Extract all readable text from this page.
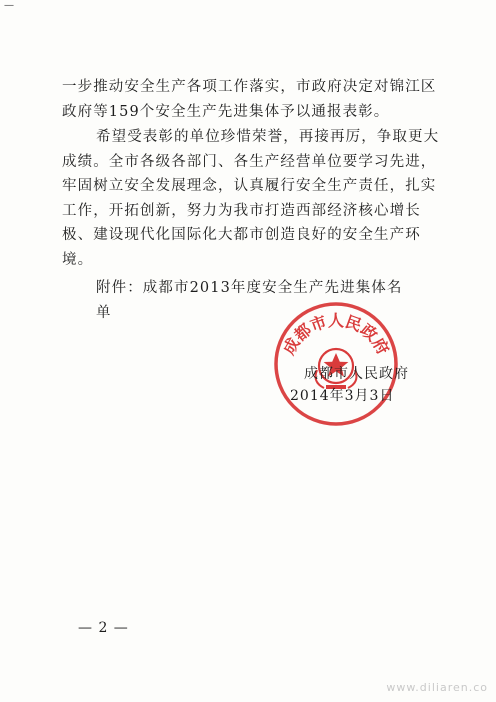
—
一步推动安全生产各项工作落实，市政府决定对锦江区政府等159个安全生产先进集体予以通报表彰。
希望受表彰的单位珍惜荣誉，再接再厉，争取更大成绩。全市各级各部门、各生产经营单位要学习先进，牢固树立安全发展理念，认真履行安全生产责任，扎实工作，开拓创新，努力为我市打造西部经济核心增长极、建设现代化国际化大都市创造良好的安全生产环境。
附件：成都市2013年度安全生产先进集体名单
成都市人民政府
成都市人民政府
2014年3月3日
— 2 —
www.diliaren.co
